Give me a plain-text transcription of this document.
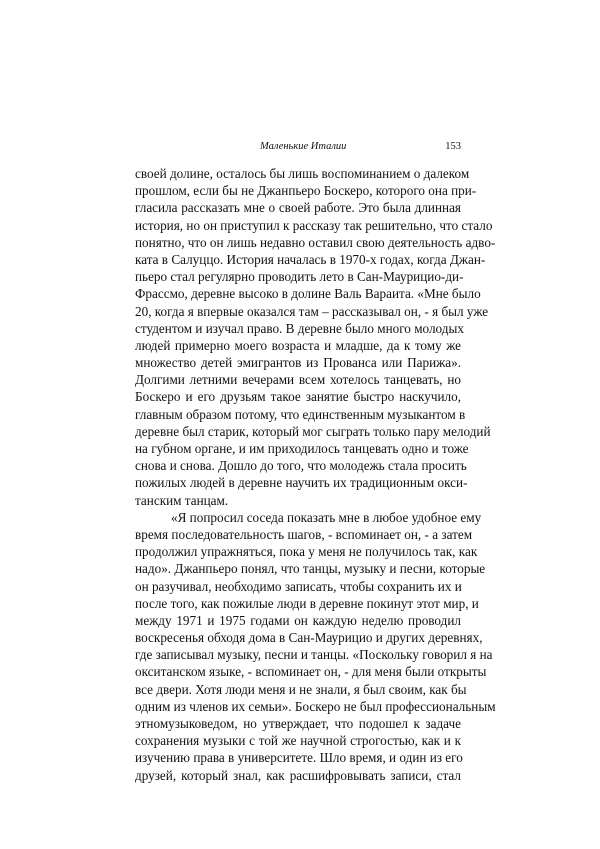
Маленькие Италии	153
своей долине, осталось бы лишь воспоминанием о далеком
прошлом, если бы не Джанпьеро Боскеро, которого она при-
гласила рассказать мне о своей работе. Это была длинная
история, но он приступил к рассказу так решительно, что стало
понятно, что он лишь недавно оставил свою деятельность адво-
ката в Салуццо. История началась в 1970-х годах, когда Джан-
пьеро стал регулярно проводить лето в Сан-Маурицио-ди-
Фрассмо, деревне высоко в долине Валь Вараита. «Мне было
20, когда я впервые оказался там – рассказывал он, - я был уже
студентом и изучал право. В деревне было много молодых
людей примерно моего возраста и младше, да к тому же
множество детей эмигрантов из Прованса или Парижа».
Долгими летними вечерами всем хотелось танцевать, но
Боскеро и его друзьям такое занятие быстро наскучило,
главным образом потому, что единственным музыкантом в
деревне был старик, который мог сыграть только пару мелодий
на губном органе, и им приходилось танцевать одно и тоже
снова и снова. Дошло до того, что молодежь стала просить
пожилых людей в деревне научить их традиционным окси-
танским танцам.
«Я попросил соседа показать мне в любое удобное ему
время последовательность шагов, - вспоминает он, - а затем
продолжил упражняться, пока у меня не получилось так, как
надо». Джанпьеро понял, что танцы, музыку и песни, которые
он разучивал, необходимо записать, чтобы сохранить их и
после того, как пожилые люди в деревне покинут этот мир, и
между 1971 и 1975 годами он каждую неделю проводил
воскресенья обходя дома в Сан-Маурицио и других деревнях,
где записывал музыку, песни и танцы. «Поскольку говорил я на
окситанском языке, - вспоминает он, - для меня были открыты
все двери. Хотя люди меня и не знали, я был своим, как бы
одним из членов их семьи». Боскеро не был профессиональным
этномузыковедом, но утверждает, что подошел к задаче
сохранения музыки с той же научной строгостью, как и к
изучению права в университете. Шло время, и один из его
друзей, который знал, как расшифровывать записи, стал
